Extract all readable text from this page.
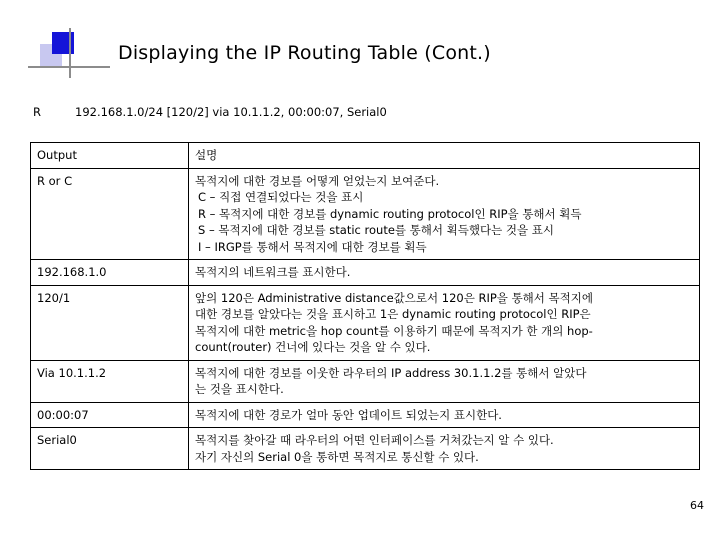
Displaying the IP Routing Table (Cont.)
R	192.168.1.0/24 [120/2] via 10.1.1.2, 00:00:07, Serial0
Output	설명

R or C	목적지에 대한 경보를 어떻게 얻었는지 보여준다.
C – 직접 연결되었다는 것을 표시
R – 목적지에 대한 경보를 dynamic routing protocol인 RIP을 통해서 획득
S – 목적지에 대한 경보를 static route를 통해서 획득했다는 것을 표시
I – IRGP를 통해서 목적지에 대한 경보를 획득

192.168.1.0	목적지의 네트워크를 표시한다.

120/1	앞의 120은 Administrative distance값으로서 120은 RIP을 통해서 목적지에
대한 경보를 알았다는 것을 표시하고 1은 dynamic routing protocol인 RIP은
목적지에 대한 metric을 hop count를 이용하기 때문에 목적지가 한 개의 hop-
count(router) 건너에 있다는 것을 알 수 있다.

Via 10.1.1.2	목적지에 대한 경보를 이웃한 라우터의 IP address 30.1.1.2를 통해서 알았다
는 것을 표시한다.

00:00:07	목적지에 대한 경로가 얼마 동안 업데이트 되었는지 표시한다.

Serial0	목적지를 찾아갈 때 라우터의 어떤 인터페이스를 거쳐갔는지 알 수 있다.
자기 자신의 Serial 0을 통하면 목적지로 통신할 수 있다.
64
